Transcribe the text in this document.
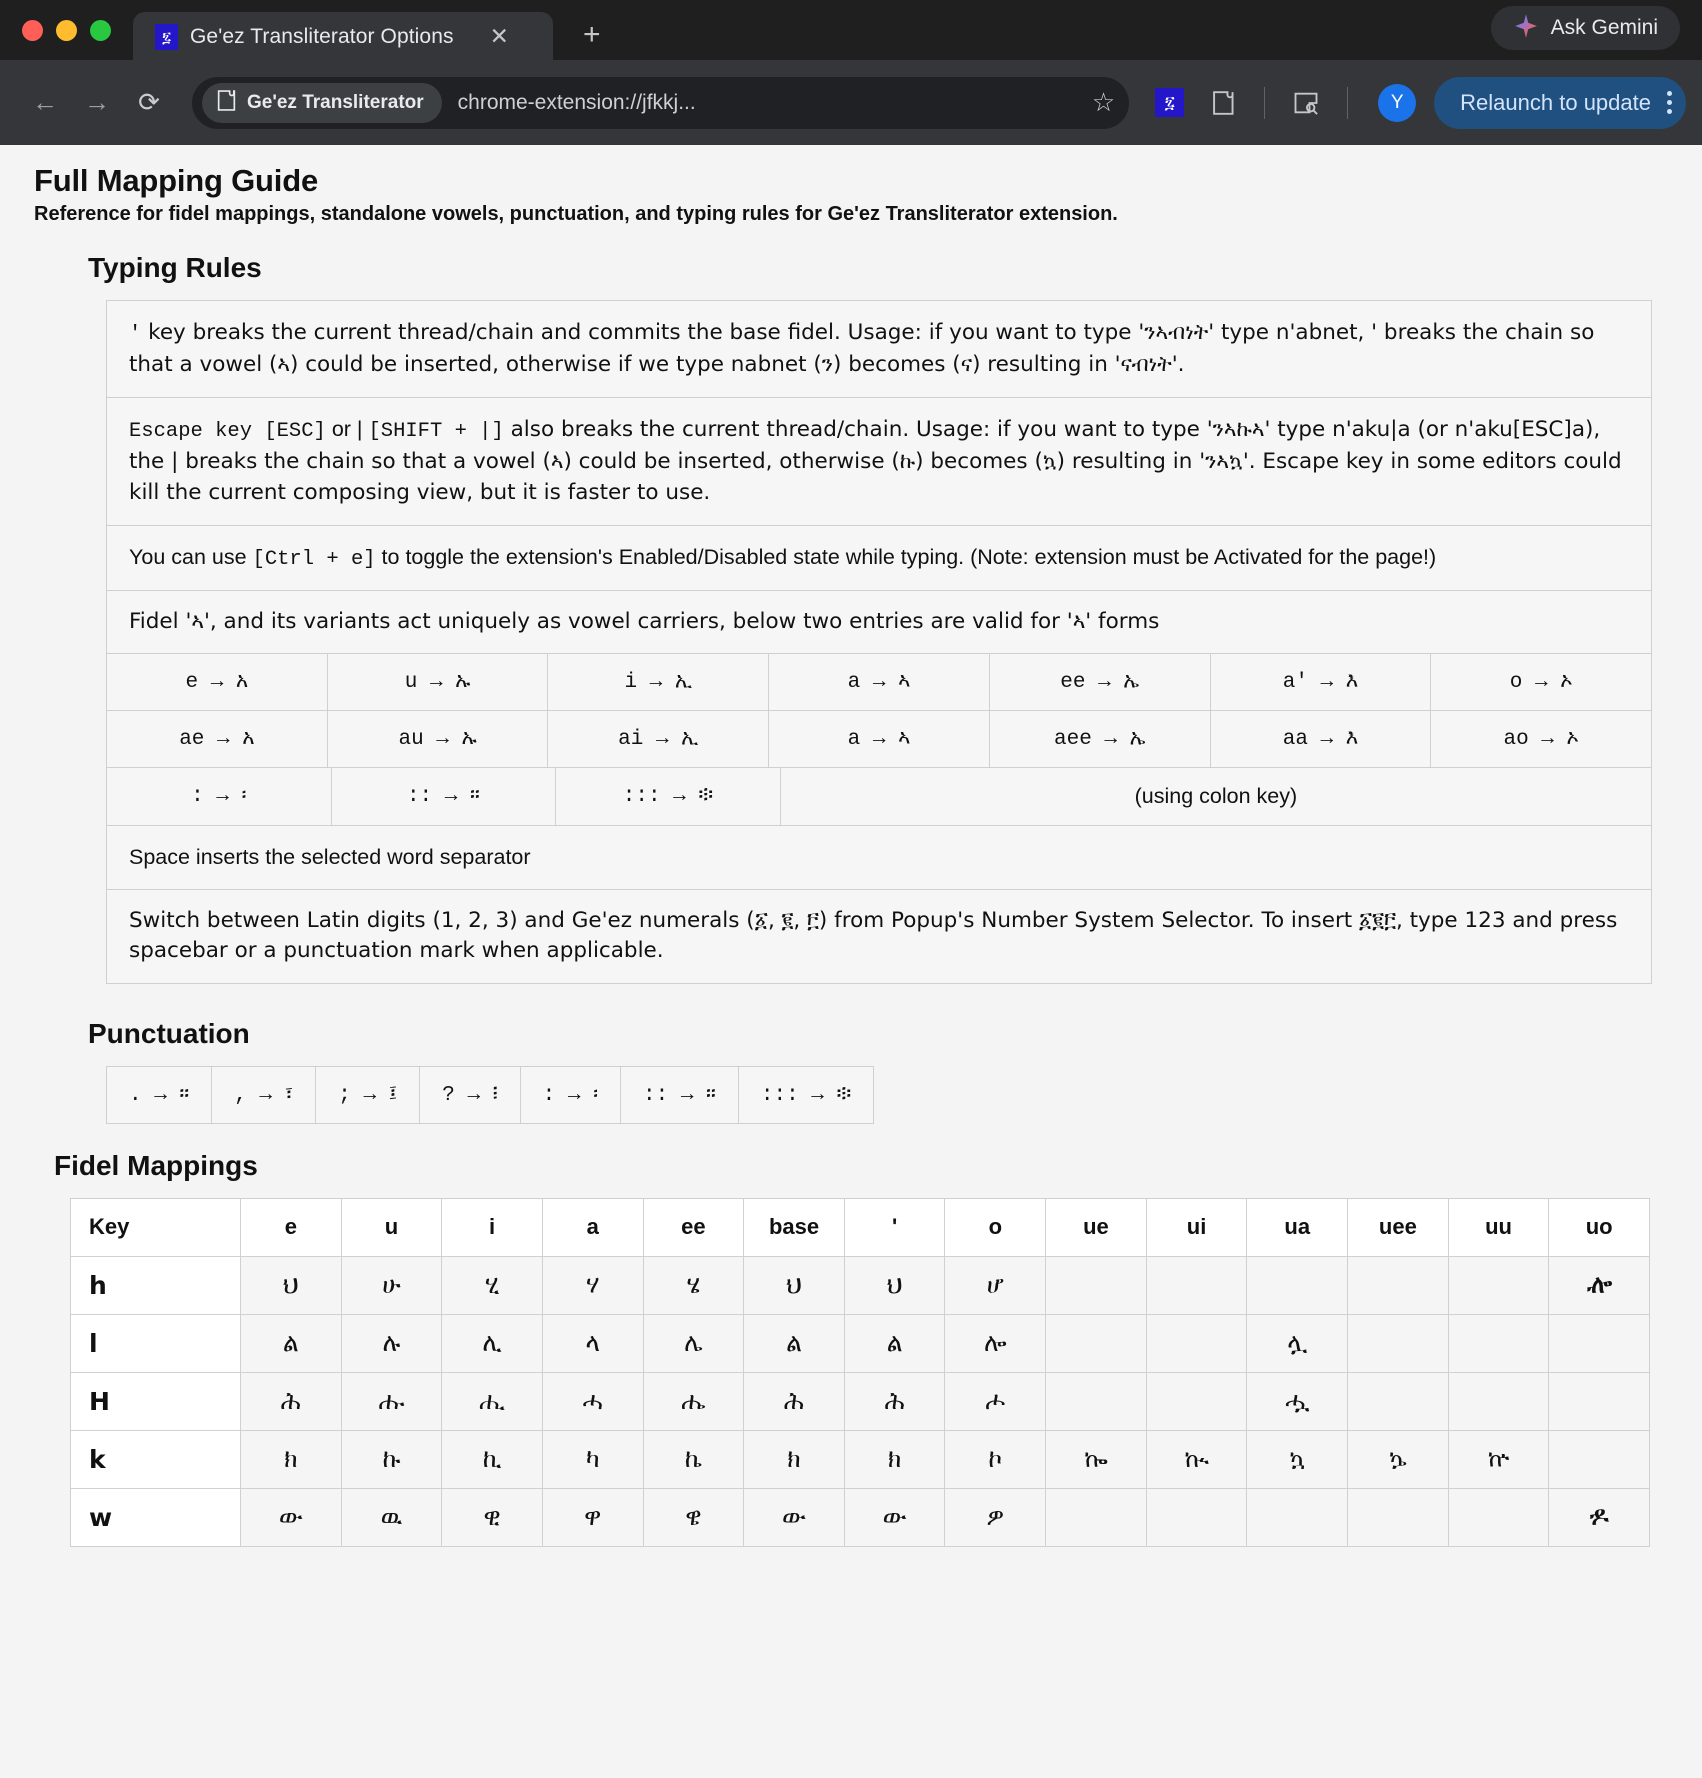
፯ Ge'ez Transliterator Options ✕ +	Ask Gemini
←	→	⟳	Ge'ez Transliterator chrome-extension://jfkkj...	☆	፯	Y	Relaunch to update
Full Mapping Guide
Reference for fidel mappings, standalone vowels, punctuation, and typing rules for Ge'ez Transliterator extension.
Typing Rules
' key breaks the current thread/chain and commits the base fidel. Usage: if you want to type 'ንኣብነት' type n'abnet, ' breaks the chain so that a vowel (ኣ) could be inserted, otherwise if we type nabnet (ን) becomes (ና) resulting in 'ናብነት'.
Escape key [ESC] or | [SHIFT + |] also breaks the current thread/chain. Usage: if you want to type 'ንኣኩኣ' type n'aku|a (or n'aku[ESC]a), the | breaks the chain so that a vowel (ኣ) could be inserted, otherwise (ኩ) becomes (ኳ) resulting in 'ንኣኳ'. Escape key in some editors could kill the current composing view, but it is faster to use.
You can use [Ctrl + e] to toggle the extension's Enabled/Disabled state while typing. (Note: extension must be Activated for the page!)
Fidel 'ኣ', and its variants act uniquely as vowel carriers, below two entries are valid for 'ኣ' forms
e → አ	u → ኡ	i → ኢ	a → ኣ	ee → ኤ	a' → እ	o → ኦ
ae → አ	au → ኡ	ai → ኢ	a → ኣ	aee → ኤ	aa → እ	ao → ኦ
: → ፡	:: → ።	::: → ፨	(using colon key)
Space inserts the selected word separator
Switch between Latin digits (1, 2, 3) and Ge'ez numerals (፩, ፪, ፫) from Popup's Number System Selector. To insert ፩፪፫, type 123 and press spacebar or a punctuation mark when applicable.
Punctuation
. → ።	, → ፣	; → ፤	? → ፧	: → ፡	:: → ።	::: → ፨
Fidel Mappings
Key	e	u	i	a	ee	base	'	o	ue	ui	ua	uee	uu	uo
h	ህ	ሁ	ሂ	ሃ	ሄ	ህ	ህ	ሆ						ⶀ
l	ል	ሉ	ሊ	ላ	ሌ	ል	ል	ሎ			ሏ			
H	ሕ	ሑ	ሒ	ሓ	ሔ	ሕ	ሕ	ሖ			ሗ			
k	ክ	ኩ	ኪ	ካ	ኬ	ክ	ክ	ኮ	ኰ	ኲ	ኳ	ኴ	ኵ	
w	ው	ዉ	ዊ	ዋ	ዌ	ው	ው	ዎ						ⶌ
